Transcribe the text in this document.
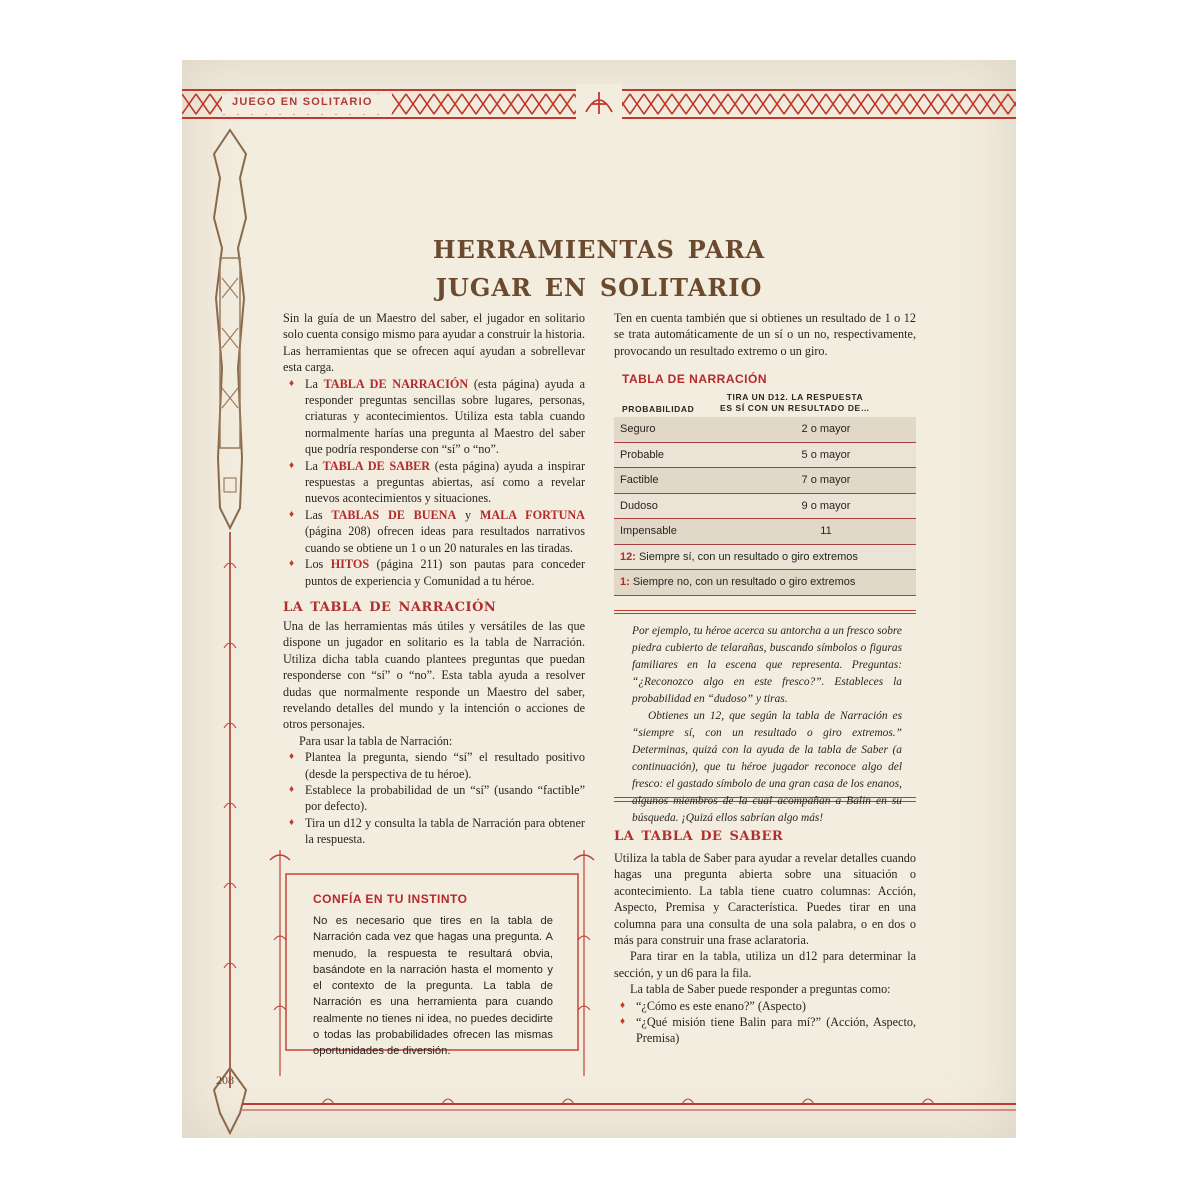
JUEGO EN SOLITARIO
208
herramientas para
jugar en solitario

Sin la guía de un Maestro del saber, el jugador en solitario solo cuenta consigo mismo para ayudar a construir la historia. Las herramientas que se ofrecen aquí ayudan a sobrellevar esta carga.

♦ La TABLA DE NARRACIÓN (esta página) ayuda a responder preguntas sencillas sobre lugares, personas, criaturas y acontecimientos. Utiliza esta tabla cuando normalmente harías una pregunta al Maestro del saber que podría responderse con “sí” o “no”.
♦ La TABLA DE SABER (esta página) ayuda a inspirar respuestas a preguntas abiertas, así como a revelar nuevos acontecimientos y situaciones.
♦ Las TABLAS DE BUENA y MALA FORTUNA (página 208) ofrecen ideas para resultados narrativos cuando se obtiene un 1 o un 20 naturales en las tiradas.
♦ Los HITOS (página 211) son pautas para conceder puntos de experiencia y Comunidad a tu héroe.
la tabla de narración

Una de las herramientas más útiles y versátiles de las que dispone un jugador en solitario es la tabla de Narración. Utiliza dicha tabla cuando plantees preguntas que puedan responderse con “sí” o “no”. Esta tabla ayuda a resolver dudas que normalmente responde un Maestro del saber, revelando detalles del mundo y la intención o acciones de otros personajes.

Para usar la tabla de Narración:

♦ Plantea la pregunta, siendo “sí” el resultado positivo (desde la perspectiva de tu héroe).
♦ Establece la probabilidad de un “sí” (usando “factible” por defecto).
♦ Tira un d12 y consulta la tabla de Narración para obtener la respuesta.
CONFÍA EN TU INSTINTO
No es necesario que tires en la tabla de Narración cada vez que hagas una pregunta. A menudo, la respuesta te resultará obvia, basándote en la narración hasta el momento y el contexto de la pregunta. La tabla de Narración es una herramienta para cuando realmente no tienes ni idea, no puedes decidirte o todas las probabilidades ofrecen las mismas oportunidades de diversión.
Ten en cuenta también que si obtienes un resultado de 1 o 12 se trata automáticamente de un sí o un no, respectivamente, provocando un resultado extremo o un giro.
TABLA DE NARRACIÓN
PROBABILIDAD
TIRA UN D12. LA RESPUESTA
ES SÍ CON UN RESULTADO DE…
Seguro	2 o mayor
Probable	5 o mayor
Factible	7 o mayor
Dudoso	9 o mayor
Impensable	11
12: Siempre sí, con un resultado o giro extremos	
1: Siempre no, con un resultado o giro extremos	

Por ejemplo, tu héroe acerca su antorcha a un fresco sobre piedra cubierto de telarañas, buscando símbolos o figuras familiares en la escena que representa. Preguntas: “¿Reconozco algo en este fresco?”. Estableces la probabilidad en “dudoso” y tiras.

Obtienes un 12, que según la tabla de Narración es “siempre sí, con un resultado o giro extremos.” Determinas, quizá con la ayuda de la tabla de Saber (a continuación), que tu héroe jugador reconoce algo del fresco: el gastado símbolo de una gran casa de los enanos, algunos miembros de la cual acompañan a Balin en su búsqueda. ¡Quizá ellos sabrían algo más!

la tabla de saber

Utiliza la tabla de Saber para ayudar a revelar detalles cuando hagas una pregunta abierta sobre una situación o acontecimiento. La tabla tiene cuatro columnas: Acción, Aspecto, Premisa y Característica. Puedes tirar en una columna para una consulta de una sola palabra, o en dos o más para construir una frase aclaratoria.

Para tirar en la tabla, utiliza un d12 para determinar la sección, y un d6 para la fila.

La tabla de Saber puede responder a preguntas como:

♦ “¿Cómo es este enano?” (Aspecto)
♦ “¿Qué misión tiene Balin para mí?” (Acción, Aspecto, Premisa)
